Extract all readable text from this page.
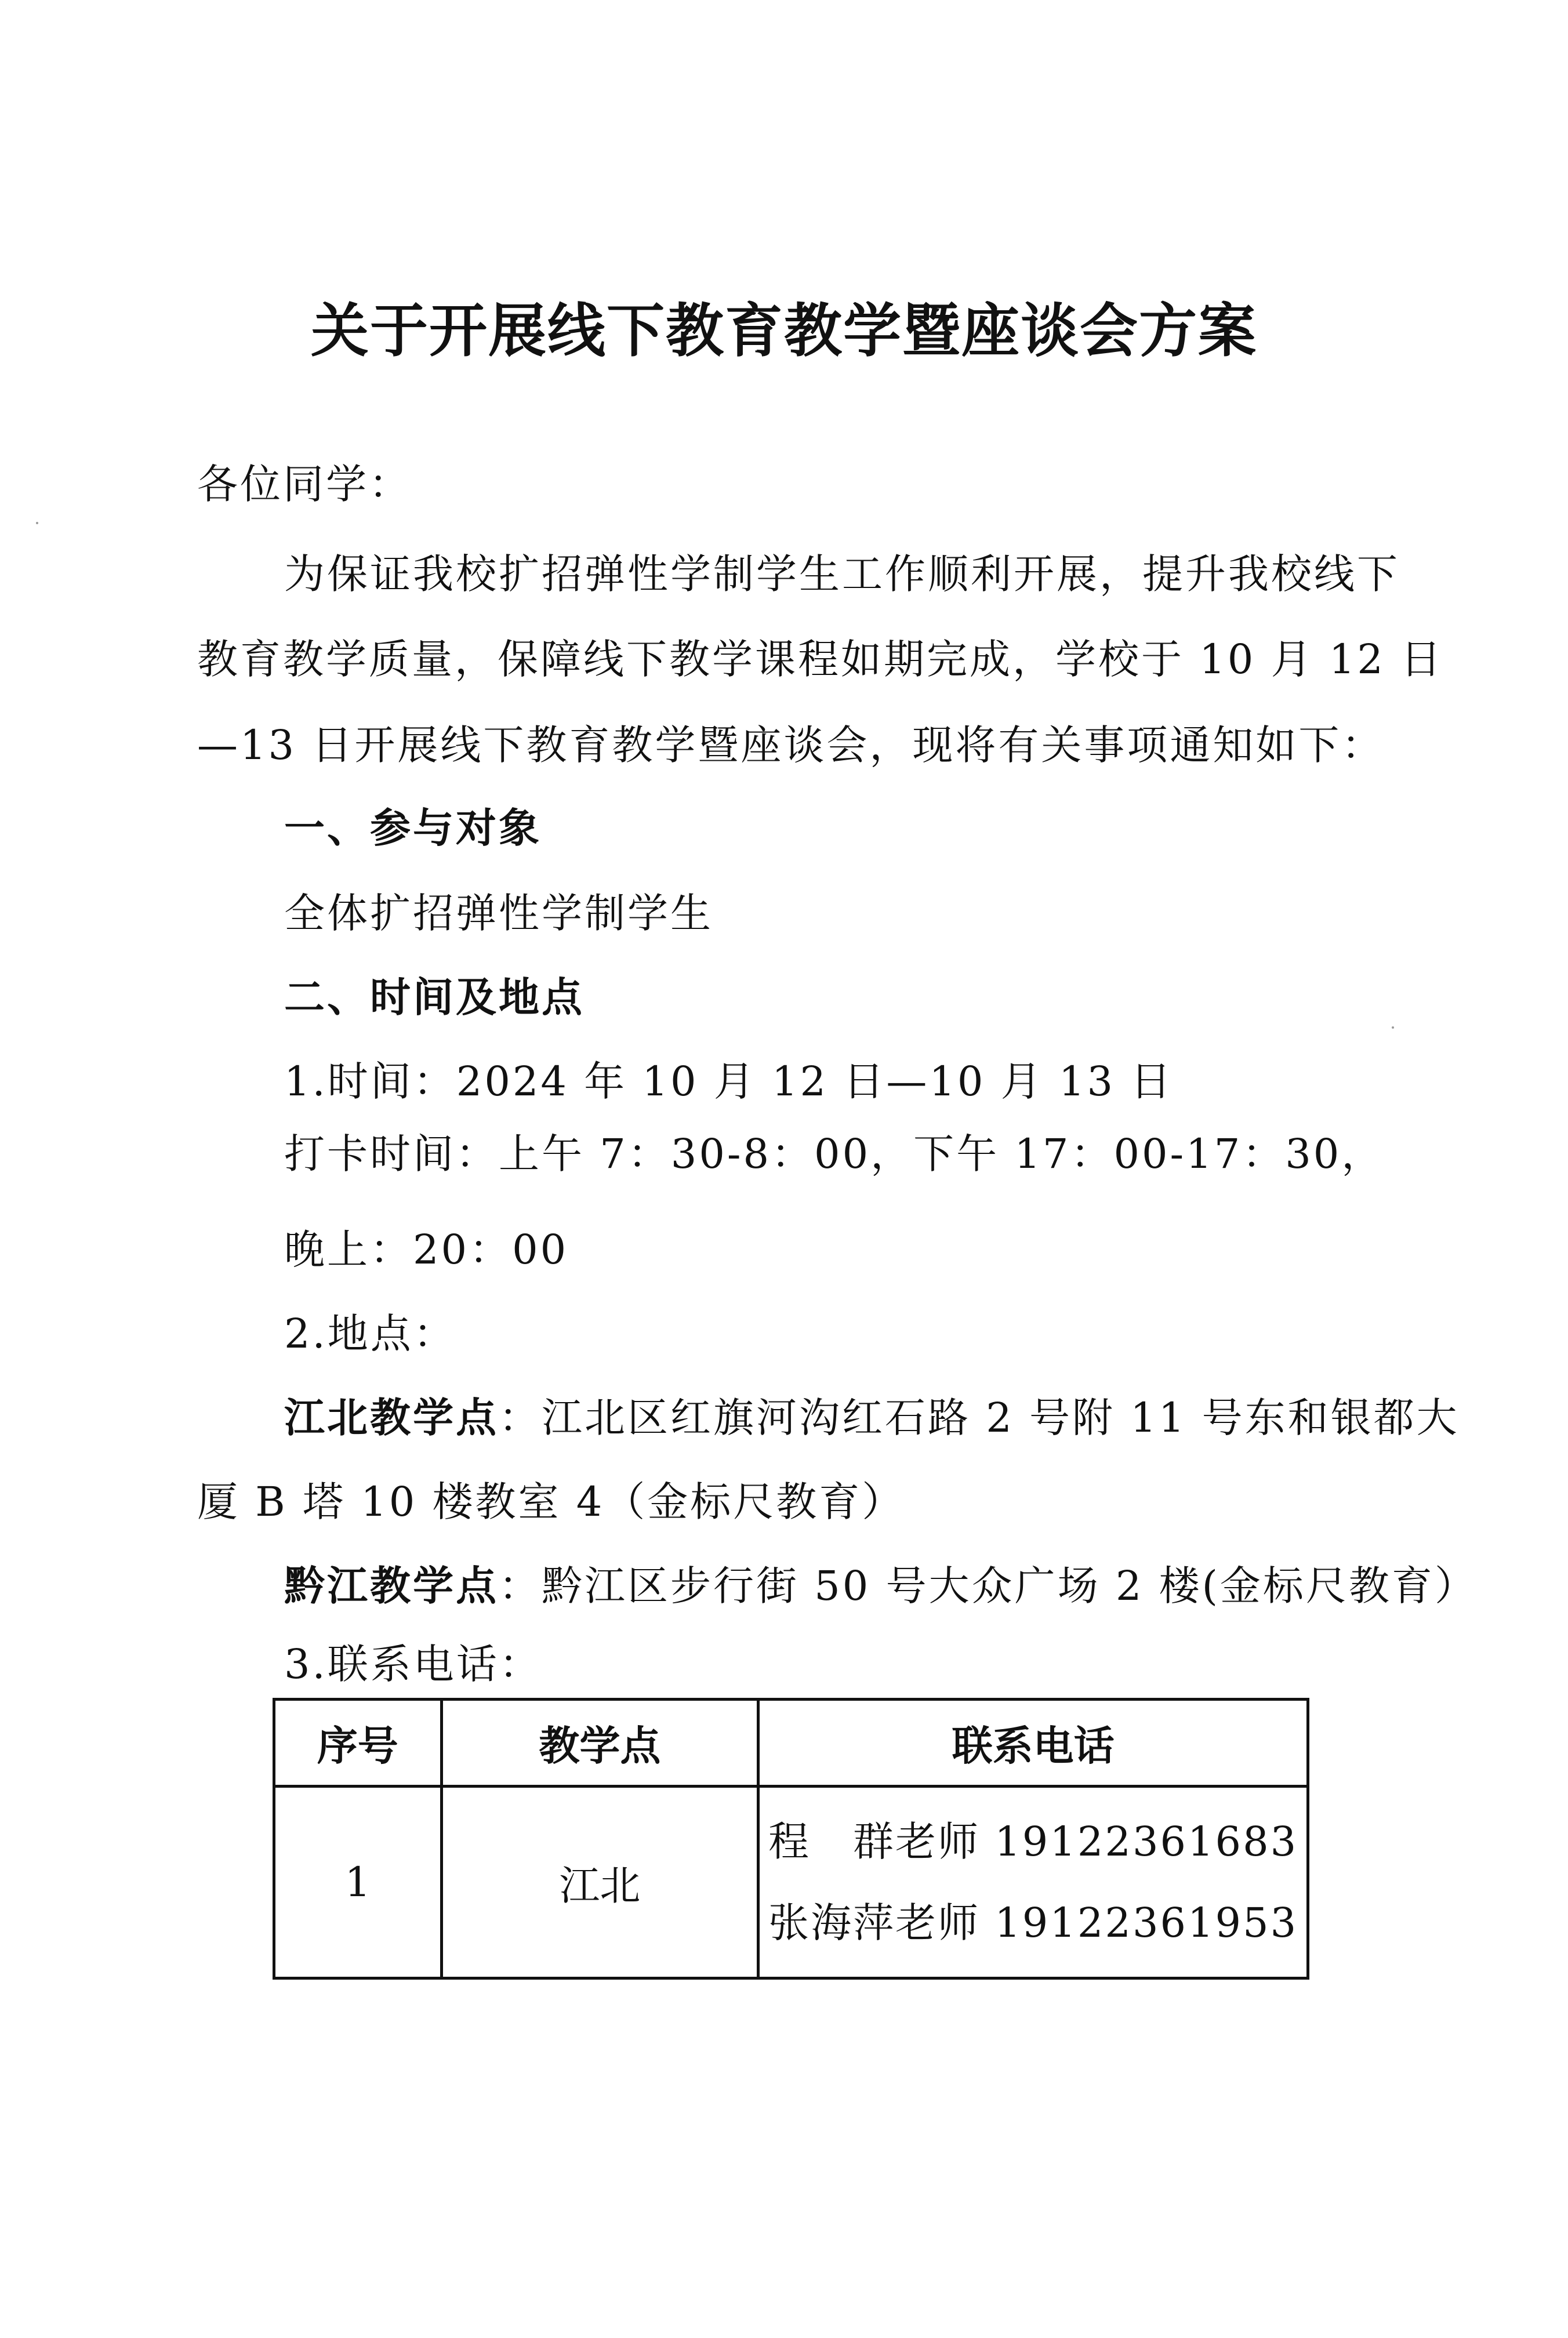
关于开展线下教育教学暨座谈会方案
各位同学：
为保证我校扩招弹性学制学生工作顺利开展，提升我校线下
教育教学质量，保障线下教学课程如期完成，学校于 10 月 12 日
—13 日开展线下教育教学暨座谈会，现将有关事项通知如下：
一、参与对象
全体扩招弹性学制学生
二、时间及地点
1.时间：2024 年 10 月 12 日—10 月 13 日
打卡时间：上午 7：30-8：00，下午 17：00-17：30，
晚上：20：00
2.地点：
江北教学点：江北区红旗河沟红石路 2 号附 11 号东和银都大
厦 B 塔 10 楼教室 4（金标尺教育）
黔江教学点：黔江区步行街 50 号大众广场 2 楼(金标尺教育）
3.联系电话：
序号	教学点	联系电话
1	江北	程　群老师 19122361683
张海萍老师 19122361953
